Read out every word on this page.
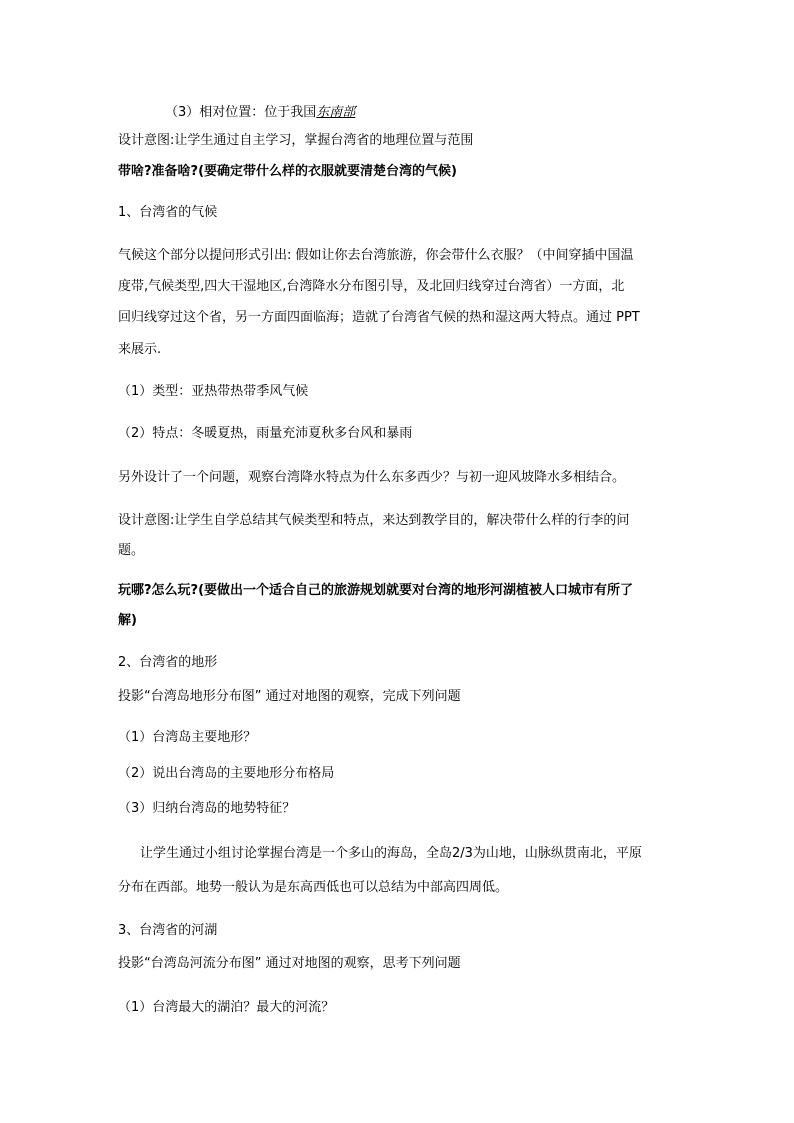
（3）相对位置：位于我国东南部
设计意图:让学生通过自主学习，掌握台湾省的地理位置与范围
带啥?准备啥?(要确定带什么样的衣服就要清楚台湾的气候)
1、台湾省的气候
气候这个部分以提问形式引出: 假如让你去台湾旅游，你会带什么衣服？（中间穿插中国温
度带,气候类型,四大干湿地区,台湾降水分布图引导，及北回归线穿过台湾省）一方面，北
回归线穿过这个省，另一方面四面临海；造就了台湾省气候的热和湿这两大特点。通过 PPT
来展示.
（1）类型：亚热带热带季风气候
（2）特点：冬暖夏热，雨量充沛夏秋多台风和暴雨
另外设计了一个问题，观察台湾降水特点为什么东多西少？与初一迎风坡降水多相结合。
设计意图:让学生自学总结其气候类型和特点，来达到教学目的，解决带什么样的行李的问
题。
玩哪?怎么玩?(要做出一个适合自己的旅游规划就要对台湾的地形河湖植被人口城市有所了
解)
2、台湾省的地形
投影“台湾岛地形分布图” 通过对地图的观察，完成下列问题
（1）台湾岛主要地形？
（2）说出台湾岛的主要地形分布格局
（3）归纳台湾岛的地势特征？
让学生通过小组讨论掌握台湾是一个多山的海岛，全岛2/3为山地，山脉纵贯南北，平原
分布在西部。地势一般认为是东高西低也可以总结为中部高四周低。
3、台湾省的河湖
投影“台湾岛河流分布图” 通过对地图的观察，思考下列问题
（1）台湾最大的湖泊？最大的河流？
